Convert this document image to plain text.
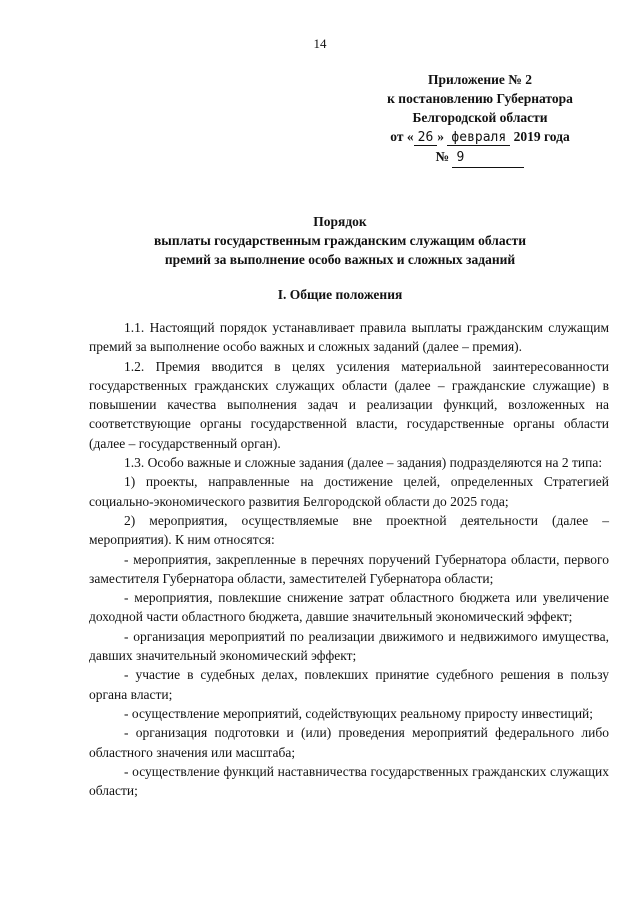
14
Приложение № 2
к постановлению Губернатора
Белгородской области
от « 26 » февраля 2019 года
№ 9
Порядок
выплаты государственным гражданским служащим области
премий за выполнение особо важных и сложных заданий
I. Общие положения

1.1. Настоящий порядок устанавливает правила выплаты гражданским служащим премий за выполнение особо важных и сложных заданий (далее – премия).

1.2. Премия вводится в целях усиления материальной заинтересованности государственных гражданских служащих области (далее – гражданские служащие) в повышении качества выполнения задач и реализации функций, возложенных на соответствующие органы государственной власти, государственные органы области (далее – государственный орган).

1.3. Особо важные и сложные задания (далее – задания) подразделяются на 2 типа:

1) проекты, направленные на достижение целей, определенных Стратегией социально-экономического развития Белгородской области до 2025 года;

2) мероприятия, осуществляемые вне проектной деятельности (далее – мероприятия). К ним относятся:

- мероприятия, закрепленные в перечнях поручений Губернатора области, первого заместителя Губернатора области, заместителей Губернатора области;

- мероприятия, повлекшие снижение затрат областного бюджета или увеличение доходной части областного бюджета, давшие значительный экономический эффект;

- организация мероприятий по реализации движимого и недвижимого имущества, давших значительный экономический эффект;

- участие в судебных делах, повлекших принятие судебного решения в пользу органа власти;

- осуществление мероприятий, содействующих реальному приросту инвестиций;

- организация подготовки и (или) проведения мероприятий федерального либо областного значения или масштаба;

- осуществление функций наставничества государственных гражданских служащих области;
